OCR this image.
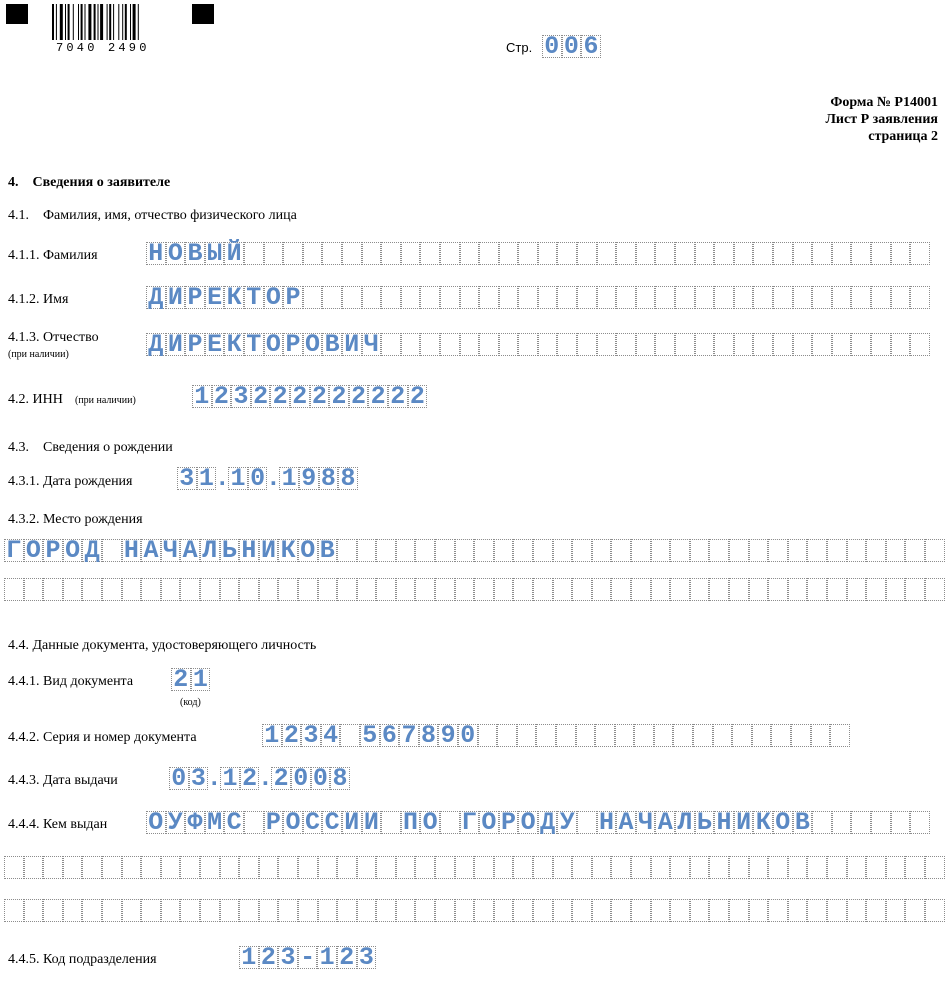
7040 2490	Стр. 0 0 6
Форма № Р14001
Лист Р заявления
страница 2
4.    Сведения о заявителе
4.1.    Фамилия, имя, отчество физического лица
4.1.1. Фамилия Н О В Ы Й
4.1.2. Имя	Д И Р Е К Т О Р
4.1.3. Отчество
(при наличии)	Д И Р Е К Т О Р О В И Ч
4.2. ИНН (при наличии) 1 2 3 2 2 2 2 2 2 2 2 2
4.3.    Сведения о рождении
4.3.1. Дата рождения 3 1 . 1 0 . 1 9 8 8
4.3.2. Место рождения
Г О Р О Д Н А Ч А Л Ь Н И К О В
4.4. Данные документа, удостоверяющего личность
4.4.1. Вид документа 2 1
(код)
4.4.2. Серия и номер документа	1 2 3 4 5 6 7 8 9 0
4.4.3. Дата выдачи 0 3 . 1 2 . 2 0 0 8
4.4.4. Кем выдан О У Ф М С Р О С С И И П О Г О Р О Д У Н А Ч А Л Ь Н И К О В
4.4.5. Код подразделения	1 2 3 - 1 2 3
